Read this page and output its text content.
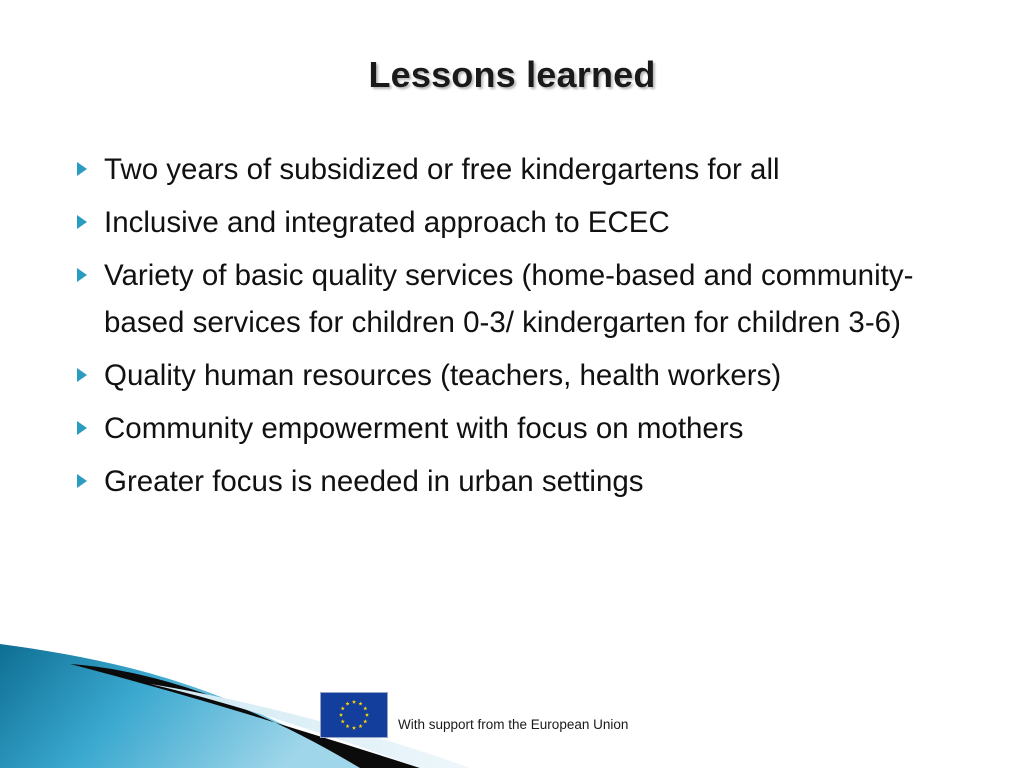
Lessons learned
Two years of subsidized or free kindergartens for all
Inclusive and integrated approach to ECEC
Variety of basic quality services (home-based and community-based services for children 0-3/ kindergarten for children 3-6)
Quality human resources (teachers, health workers)
Community empowerment with focus on mothers
Greater focus is needed in urban settings
With support from the European Union
